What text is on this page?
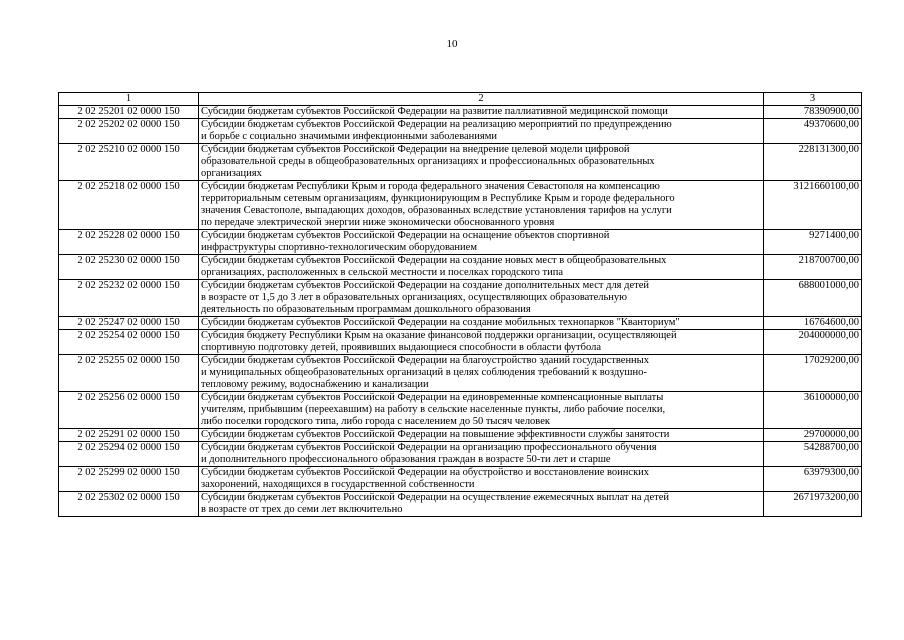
10
1	2	3
2 02 25201 02 0000 150	Субсидии бюджетам субъектов Российской Федерации на развитие паллиативной медицинской помощи	78390900,00
2 02 25202 02 0000 150	Субсидии бюджетам субъектов Российской Федерации на реализацию мероприятий по предупреждению
и борьбе с социально значимыми инфекционными заболеваниями	49370600,00
2 02 25210 02 0000 150	Субсидии бюджетам субъектов Российской Федерации на внедрение целевой модели цифровой
образовательной среды в общеобразовательных организациях и профессиональных образовательных
организациях	228131300,00
2 02 25218 02 0000 150	Субсидии бюджетам Республики Крым и города федерального значения Севастополя на компенсацию
территориальным сетевым организациям, функционирующим в Республике Крым и городе федерального
значения Севастополе, выпадающих доходов, образованных вследствие установления тарифов на услуги
по передаче электрической энергии ниже экономически обоснованного уровня	3121660100,00
2 02 25228 02 0000 150	Субсидии бюджетам субъектов Российской Федерации на оснащение объектов спортивной
инфраструктуры спортивно-технологическим оборудованием	9271400,00
2 02 25230 02 0000 150	Субсидии бюджетам субъектов Российской Федерации на создание новых мест в общеобразовательных
организациях, расположенных в сельской местности и поселках городского типа	218700700,00
2 02 25232 02 0000 150	Субсидии бюджетам субъектов Российской Федерации на создание дополнительных мест для детей
в возрасте от 1,5 до 3 лет в образовательных организациях, осуществляющих образовательную
деятельность по образовательным программам дошкольного образования	688001000,00
2 02 25247 02 0000 150	Субсидии бюджетам субъектов Российской Федерации на создание мобильных технопарков "Кванториум"	16764600,00
2 02 25254 02 0000 150	Субсидия бюджету Республики Крым на оказание финансовой поддержки организации, осуществляющей
спортивную подготовку детей, проявивших выдающиеся способности в области футбола	204000000,00
2 02 25255 02 0000 150	Субсидии бюджетам субъектов Российской Федерации на благоустройство зданий государственных
и муниципальных общеобразовательных организаций в целях соблюдения требований к воздушно-
тепловому режиму, водоснабжению и канализации	17029200,00
2 02 25256 02 0000 150	Субсидии бюджетам субъектов Российской Федерации на единовременные компенсационные выплаты
учителям, прибывшим (переехавшим) на работу в сельские населенные пункты, либо рабочие поселки,
либо поселки городского типа, либо города с населением до 50 тысяч человек	36100000,00
2 02 25291 02 0000 150	Субсидии бюджетам субъектов Российской Федерации на повышение эффективности службы занятости	29700000,00
2 02 25294 02 0000 150	Субсидии бюджетам субъектов Российской Федерации на организацию профессионального обучения
и дополнительного профессионального образования граждан в возрасте 50-ти лет и старше	54288700,00
2 02 25299 02 0000 150	Субсидии бюджетам субъектов Российской Федерации на обустройство и восстановление воинских
захоронений, находящихся в государственной собственности	63979300,00
2 02 25302 02 0000 150	Субсидии бюджетам субъектов Российской Федерации на осуществление ежемесячных выплат на детей
в возрасте от трех до семи лет включительно	2671973200,00
